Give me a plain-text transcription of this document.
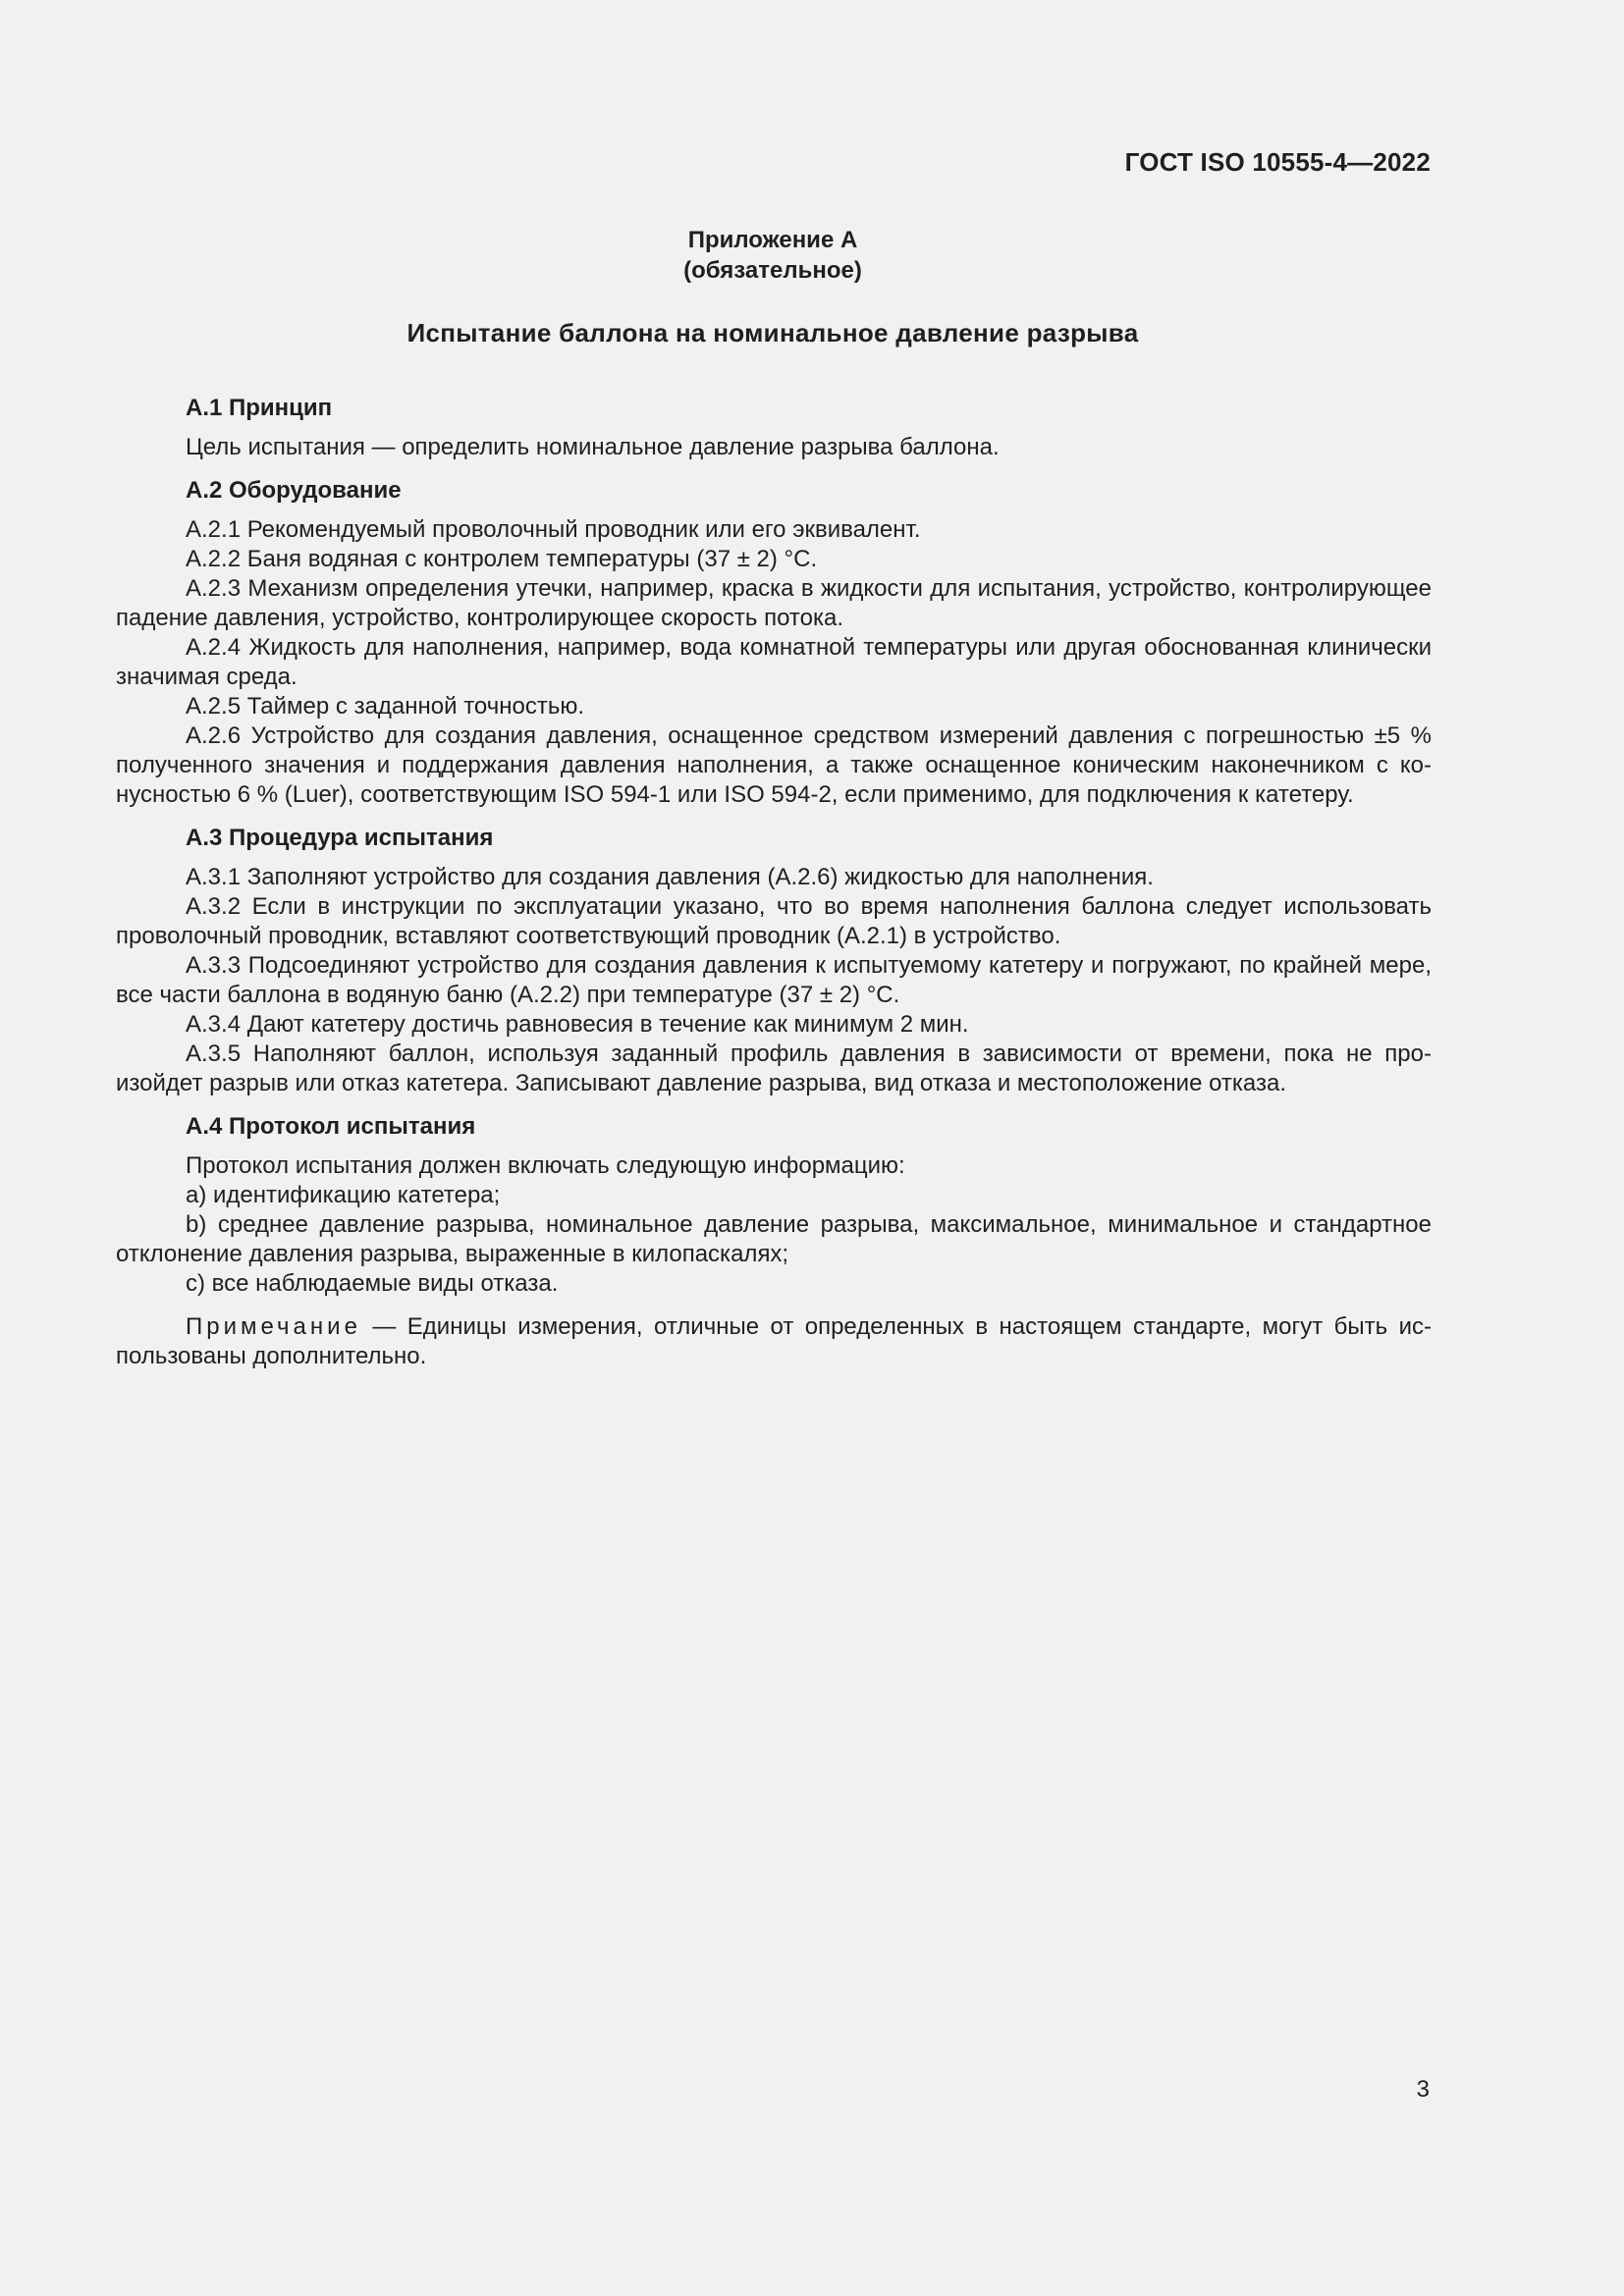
ГОСТ ISO 10555-4—2022
Приложение А
(обязательное)
Испытание баллона на номинальное давление разрыва

А.1 Принцип

Цель испытания — определить номинальное давление разрыва баллона.

А.2 Оборудование

А.2.1 Рекомендуемый проволочный проводник или его эквивалент.

А.2.2 Баня водяная с контролем температуры (37 ± 2) °С.

А.2.3 Механизм определения утечки, например, краска в жидкости для испытания, устройство, контролирующее падение давления, устройство, контролирующее скорость потока.

А.2.4 Жидкость для наполнения, например, вода комнатной температуры или другая обоснованная клинически значимая среда.

А.2.5 Таймер с заданной точностью.

А.2.6 Устройство для создания давления, оснащенное средством измерений давления с погрешностью ±5 % полученного значения и поддержания давления наполнения, а также оснащенное коническим наконечником с конусностью 6 % (Luer), соответствующим ISO 594-1 или ISO 594-2, если применимо, для подключения к катетеру.

А.3 Процедура испытания

А.3.1 Заполняют устройство для создания давления (А.2.6) жидкостью для наполнения.

А.3.2 Если в инструкции по эксплуатации указано, что во время наполнения баллона следует использовать проволочный проводник, вставляют соответствующий проводник (А.2.1) в устройство.

А.3.3 Подсоединяют устройство для создания давления к испытуемому катетеру и погружают, по крайней мере, все части баллона в водяную баню (А.2.2) при температуре (37 ± 2) °С.

А.3.4 Дают катетеру достичь равновесия в течение как минимум 2 мин.

А.3.5 Наполняют баллон, используя заданный профиль давления в зависимости от времени, пока не произойдет разрыв или отказ катетера. Записывают давление разрыва, вид отказа и местоположение отказа.

А.4 Протокол испытания

Протокол испытания должен включать следующую информацию:

a) идентификацию катетера;

b) среднее давление разрыва, номинальное давление разрыва, максимальное, минимальное и стандартное отклонение давления разрыва, выраженные в килопаскалях;

c) все наблюдаемые виды отказа.

Примечание — Единицы измерения, отличные от определенных в настоящем стандарте, могут быть использованы дополнительно.

3
